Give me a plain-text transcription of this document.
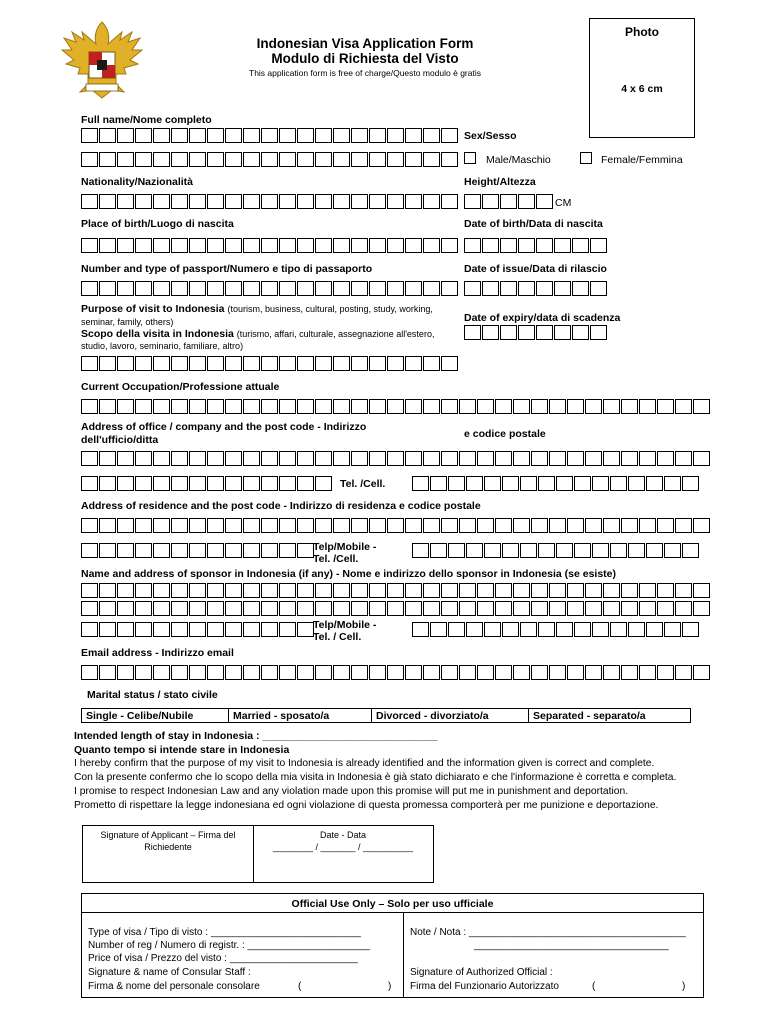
Indonesian Visa Application Form
Modulo di Richiesta del Visto
This application form is free of charge/Questo modulo è gratis
Photo
4 x 6 cm
Full name/Nome completo
Sex/Sesso
Male/Maschio	Female/Femmina
Nationality/Nazionalità	Height/Altezza
CM
Place of birth/Luogo di nascita	Date of birth/Data di nascita
Number and type of passport/Numero e tipo di passaporto	Date of issue/Data di rilascio
Purpose of visit to Indonesia (tourism, business, cultural, posting, study, working,
seminar, family, others)
Scopo della visita in Indonesia (turismo, affari, culturale, assegnazione all'estero,
studio, lavoro, seminario, familiare, altro)
Date of expiry/data di scadenza
Current Occupation/Professione attuale
Address of office / company and the post code - Indirizzo
dell'ufficio/ditta	e codice postale
Tel. /Cell.
Address of residence and the post code - Indirizzo di residenza e codice postale
Telp/Mobile -
Tel. /Cell.
Name and address of sponsor in Indonesia (if any) - Nome e indirizzo dello sponsor in Indonesia (se esiste)
Telp/Mobile -
Tel. / Cell.
Email address - Indirizzo email
Marital status / stato civile
Single - Celibe/Nubile	Married - sposato/a	Divorced - divorziato/a	Separated - separato/a
Intended length of stay in Indonesia : ______________________________
Quanto tempo si intende stare in Indonesia
I hereby confirm that the purpose of my visit to Indonesia is already identified and the information given is correct and complete.
Con la presente confermo che lo scopo della mia visita in Indonesia è già stato dichiarato e che l'informazione è corretta e completa.
I promise to respect Indonesian Law and any violation made upon this promise will put me in punishment and deportation.
Prometto di rispettare la legge indonesiana ed ogni violazione di questa promessa comporterà per me punizione e deportazione.
Signature of Applicant – Firma del
Richiedente
Date - Data
________ / _______ / __________
Official Use Only – Solo per uso ufficiale
Type of visa / Tipo di visto : ___________________________
Number of reg / Numero di registr. : ______________________
Price of visa / Prezzo del visto : _______________________
Signature & name of Consular Staff :
Firma & nome del personale consolare	(	)
Note / Nota : _______________________________________
___________________________________
Signature of Authorized Official :
Firma del Funzionario Autorizzato	(	)
